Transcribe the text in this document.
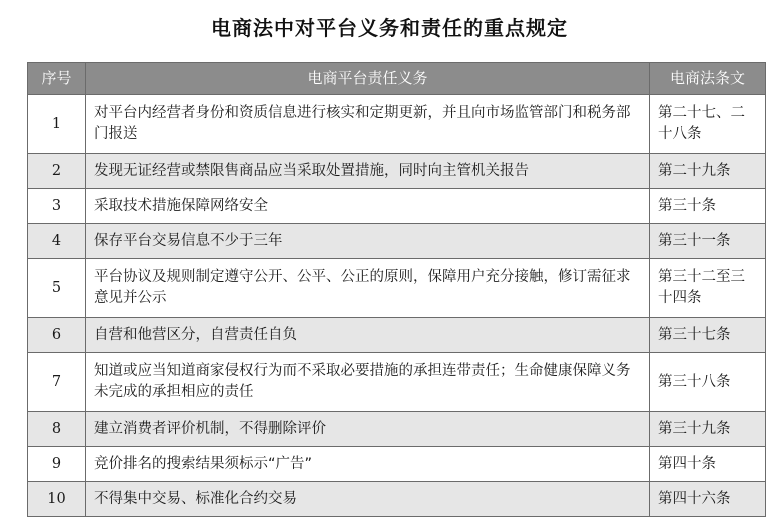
电商法中对平台义务和责任的重点规定
序号	电商平台责任义务	电商法条文
1	对平台内经营者身份和资质信息进行核实和定期更新，并且向市场监管部门和税务部门报送	第二十七、二十八条
2	发现无证经营或禁限售商品应当采取处置措施，同时向主管机关报告	第二十九条
3	采取技术措施保障网络安全	第三十条
4	保存平台交易信息不少于三年	第三十一条
5	平台协议及规则制定遵守公开、公平、公正的原则，保障用户充分接触，修订需征求意见并公示	第三十二至三十四条
6	自营和他营区分，自营责任自负	第三十七条
7	知道或应当知道商家侵权行为而不采取必要措施的承担连带责任；生命健康保障义务未完成的承担相应的责任	第三十八条
8	建立消费者评价机制，不得删除评价	第三十九条
9	竞价排名的搜索结果须标示“广告”	第四十条
10	不得集中交易、标准化合约交易	第四十六条
